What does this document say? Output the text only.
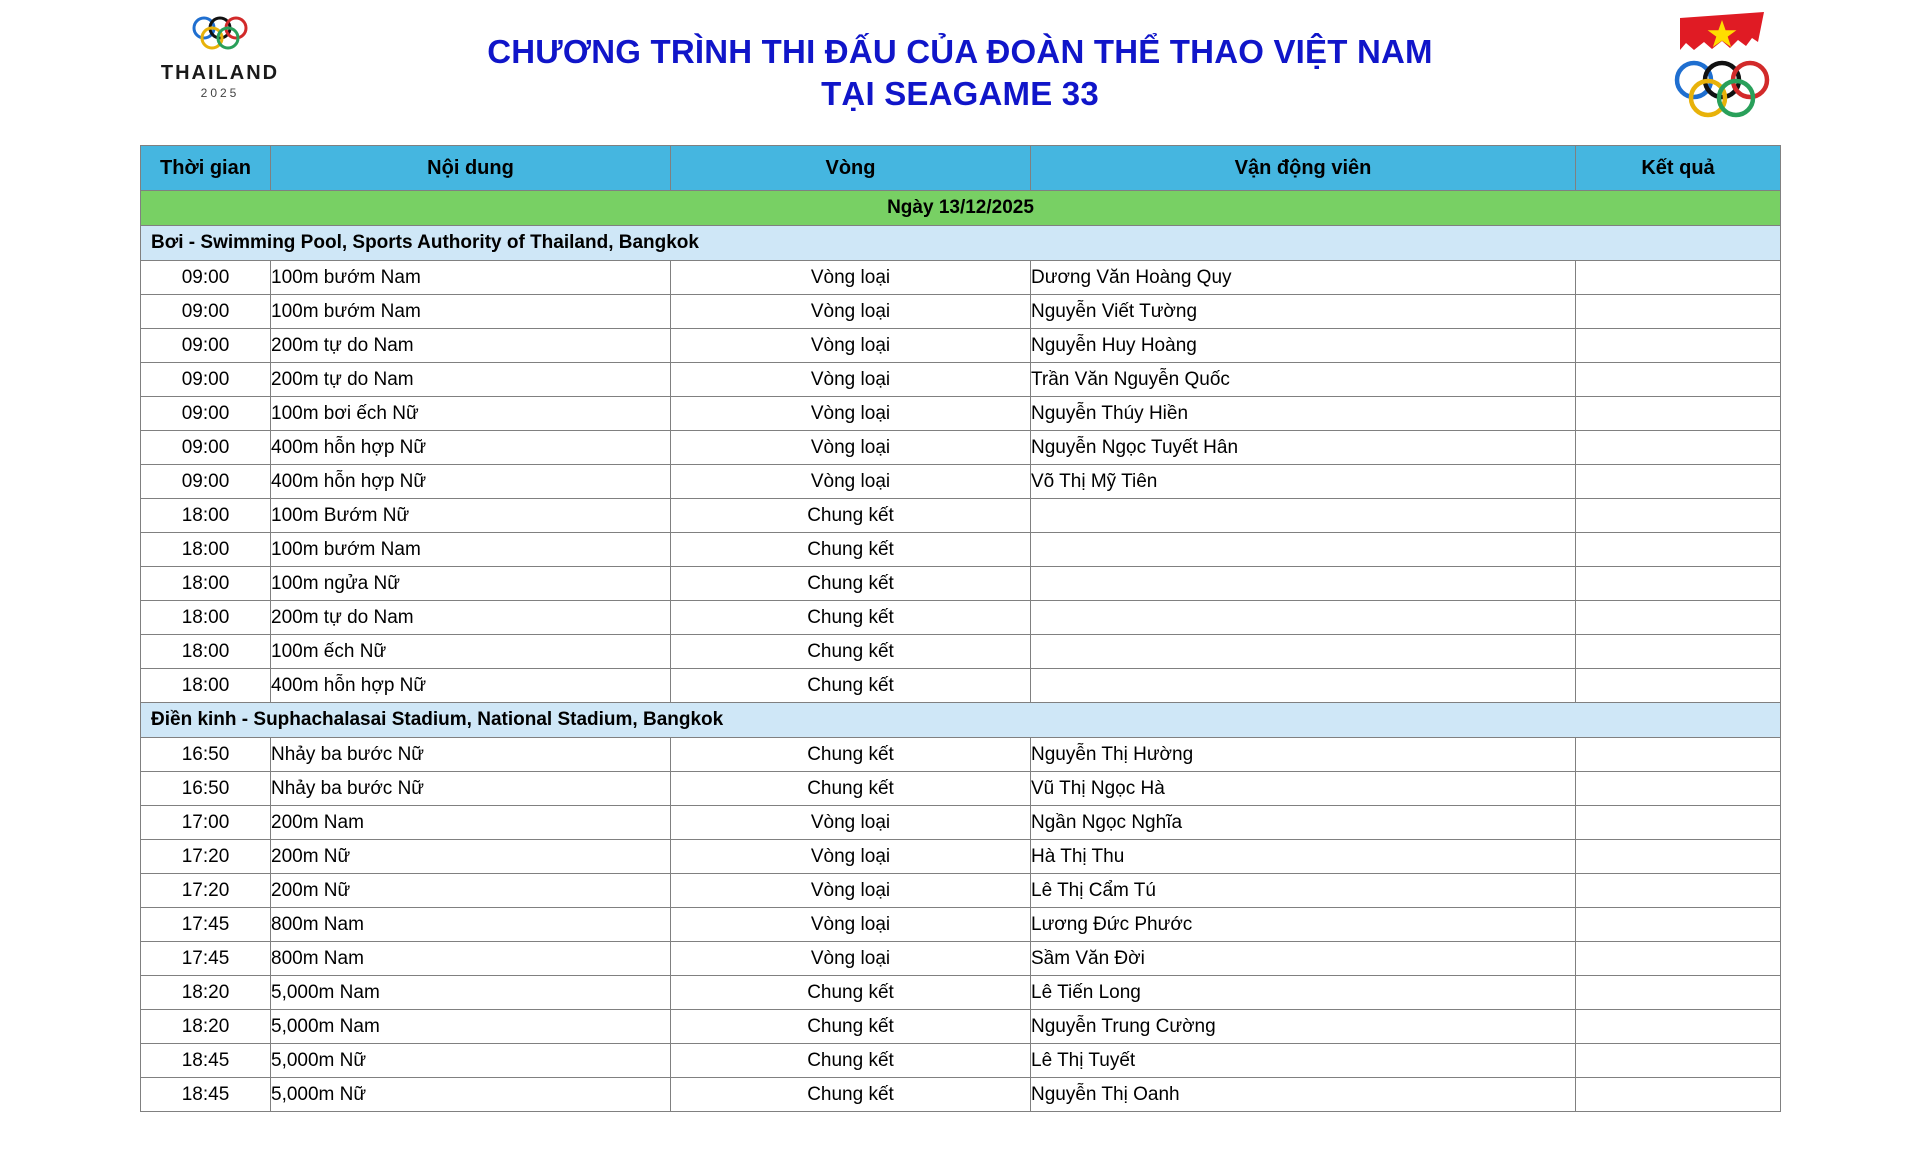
THAILAND
2025
CHƯƠNG TRÌNH THI ĐẤU CỦA ĐOÀN THỂ THAO VIỆT NAM
TẠI SEAGAME 33
Thời gian	Nội dung	Vòng	Vận động viên	Kết quả
Ngày 13/12/2025				
Bơi - Swimming Pool, Sports Authority of Thailand, Bangkok				
09:00	100m bướm Nam	Vòng loại	Dương Văn Hoàng Quy	
09:00	100m bướm Nam	Vòng loại	Nguyễn Viết Tường	
09:00	200m tự do Nam	Vòng loại	Nguyễn Huy Hoàng	
09:00	200m tự do Nam	Vòng loại	Trần Văn Nguyễn Quốc	
09:00	100m bơi ếch Nữ	Vòng loại	Nguyễn Thúy Hiền	
09:00	400m hỗn hợp Nữ	Vòng loại	Nguyễn Ngọc Tuyết Hân	
09:00	400m hỗn hợp Nữ	Vòng loại	Võ Thị Mỹ Tiên	
18:00	100m Bướm Nữ	Chung kết		
18:00	100m bướm Nam	Chung kết		
18:00	100m ngửa Nữ	Chung kết		
18:00	200m tự do Nam	Chung kết		
18:00	100m ếch Nữ	Chung kết		
18:00	400m hỗn hợp Nữ	Chung kết		
Điền kinh - Suphachalasai Stadium, National Stadium, Bangkok				
16:50	Nhảy ba bước Nữ	Chung kết	Nguyễn Thị Hường	
16:50	Nhảy ba bước Nữ	Chung kết	Vũ Thị Ngọc Hà	
17:00	200m Nam	Vòng loại	Ngần Ngọc Nghĩa	
17:20	200m Nữ	Vòng loại	Hà Thị Thu	
17:20	200m Nữ	Vòng loại	Lê Thị Cẩm Tú	
17:45	800m Nam	Vòng loại	Lương Đức Phước	
17:45	800m Nam	Vòng loại	Sầm Văn Đời	
18:20	5,000m Nam	Chung kết	Lê Tiến Long	
18:20	5,000m Nam	Chung kết	Nguyễn Trung Cường	
18:45	5,000m Nữ	Chung kết	Lê Thị Tuyết	
18:45	5,000m Nữ	Chung kết	Nguyễn Thị Oanh	
